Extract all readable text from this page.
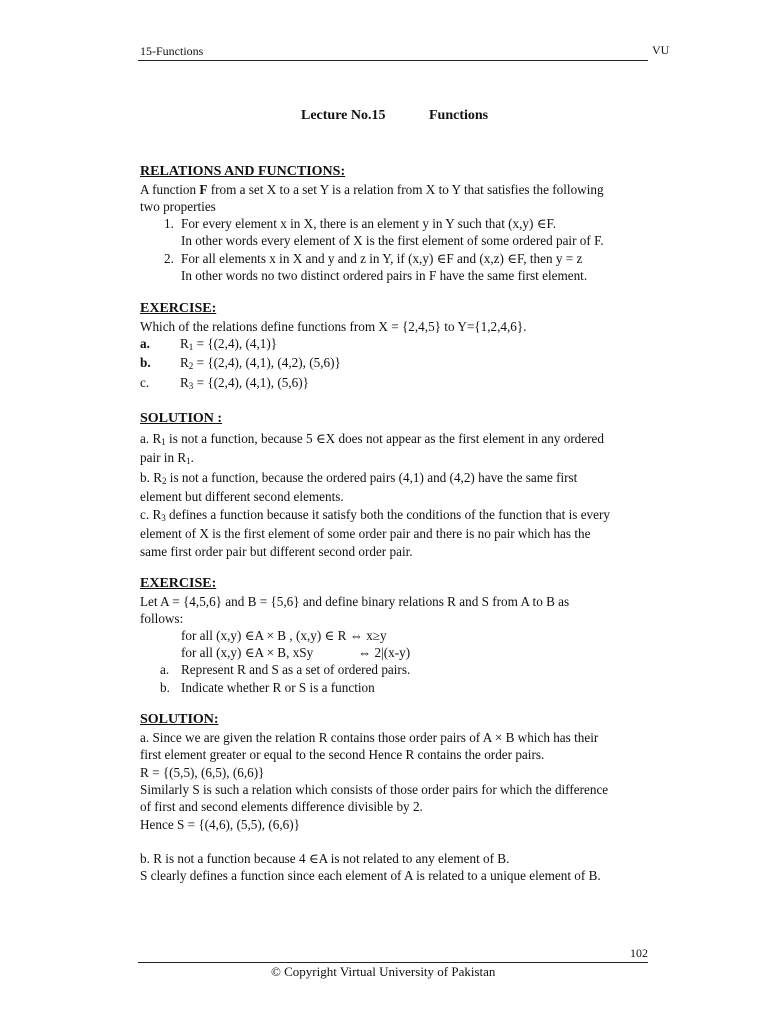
15-Functions	VU
Lecture No.15	Functions
RELATIONS AND FUNCTIONS:
A function F from a set X to a set Y is a relation from X to Y that satisfies the following
two properties
1. For every element x in X, there is an element y in Y such that (x,y) ∈F.
In other words every element of X is the first element of some ordered pair of F.
2. For all elements x in X and y and z in Y, if (x,y) ∈F and (x,z) ∈F, then y = z
In other words no two distinct ordered pairs in F have the same first element.
EXERCISE:
Which of the relations define functions from X = {2,4,5} to Y={1,2,4,6}.
a. $R_1 = \{(2,4)$, (4,1)}
b. $R_2 = \{(2,4)$, (4,1), (4,2), (5,6)}
c. $R_3 = \{(2,4)$, (4,1), (5,6)}
SOLUTION :
a. $R_1$ is not a function, because 5 ∈X does not appear as the first element in any ordered
pair in $R_1$.
b. $R_2$ is not a function, because the ordered pairs (4,1) and (4,2) have the same first
element but different second elements.
c. $R_3$ defines a function because it satisfy both the conditions of the function that is every
element of X is the first element of some order pair and there is no pair which has the
same first order pair but different second order pair.
EXERCISE:
Let A = {4,5,6} and B = {5,6} and define binary relations R and S from A to B as
follows:
for all (x,y) ∈A × B , (x,y) ∈ R ⇔ x≥y
for all (x,y) ∈A × B, xSy	⇔ 2|(x-y)
a. Represent R and S as a set of ordered pairs.
b. Indicate whether R or S is a function
SOLUTION:
a. Since we are given the relation R contains those order pairs of A × B which has their
first element greater or equal to the second Hence R contains the order pairs.
R = {(5,5), (6,5), (6,6)}
Similarly S is such a relation which consists of those order pairs for which the difference
of first and second elements difference divisible by 2.
Hence S = {(4,6), (5,5), (6,6)}
b. R is not a function because 4 ∈A is not related to any element of B.
S clearly defines a function since each element of A is related to a unique element of B.
102
© Copyright Virtual University of Pakistan
